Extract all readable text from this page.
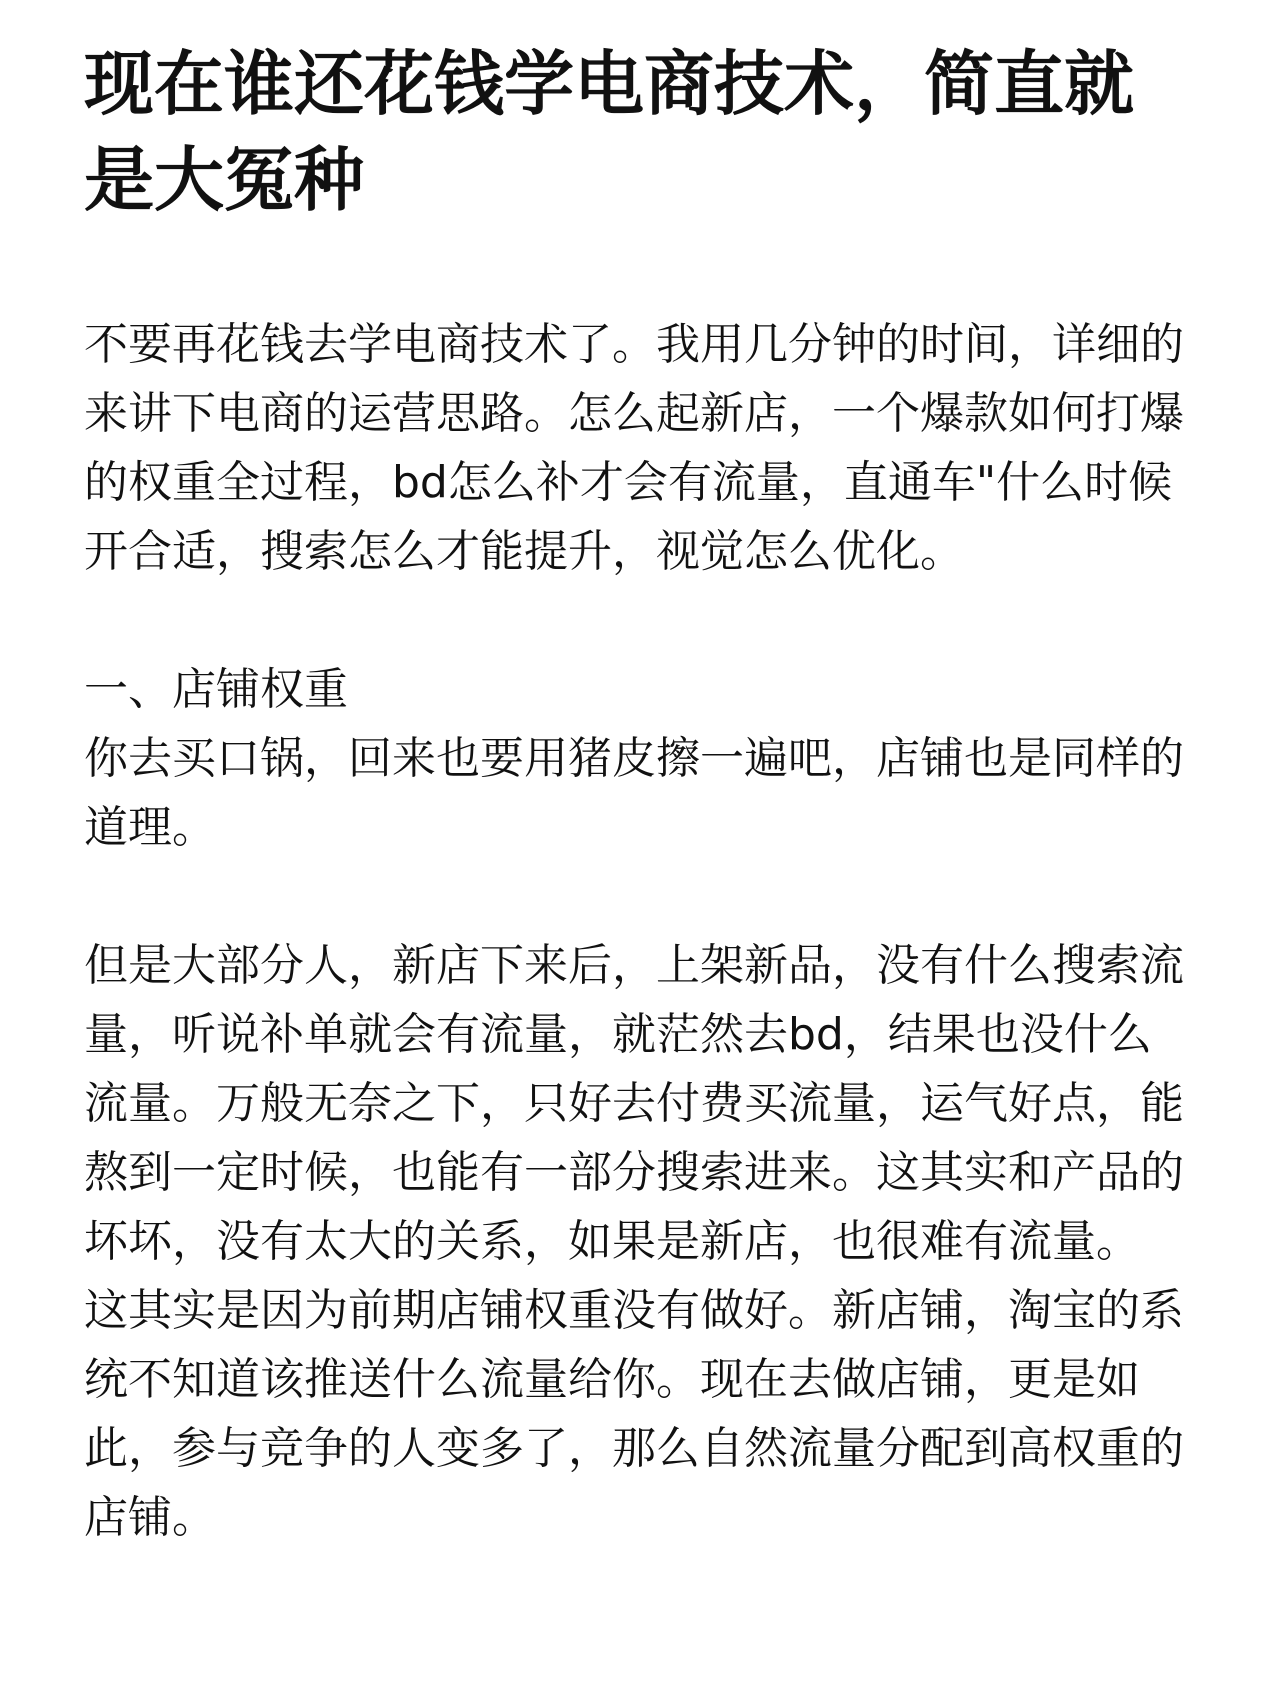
现在谁还花钱学电商技术，简直就是大冤种

不要再花钱去学电商技术了。我用几分钟的时间，详细的来讲下电商的运营思路。怎么起新店，一个爆款如何打爆的权重全过程，bd怎么补才会有流量，直通车"什么时候开合适，搜索怎么才能提升，视觉怎么优化。

一、店铺权重

你去买口锅，回来也要用猪皮擦一遍吧，店铺也是同样的道理。

但是大部分人，新店下来后，上架新品，没有什么搜索流量，听说补单就会有流量，就茫然去bd，结果也没什么流量。万般无奈之下，只好去付费买流量，运气好点，能熬到一定时候，也能有一部分搜索进来。这其实和产品的坏坏，没有太大的关系，如果是新店，也很难有流量。

这其实是因为前期店铺权重没有做好。新店铺，淘宝的系统不知道该推送什么流量给你。现在去做店铺，更是如此，参与竞争的人变多了，那么自然流量分配到高权重的店铺。
